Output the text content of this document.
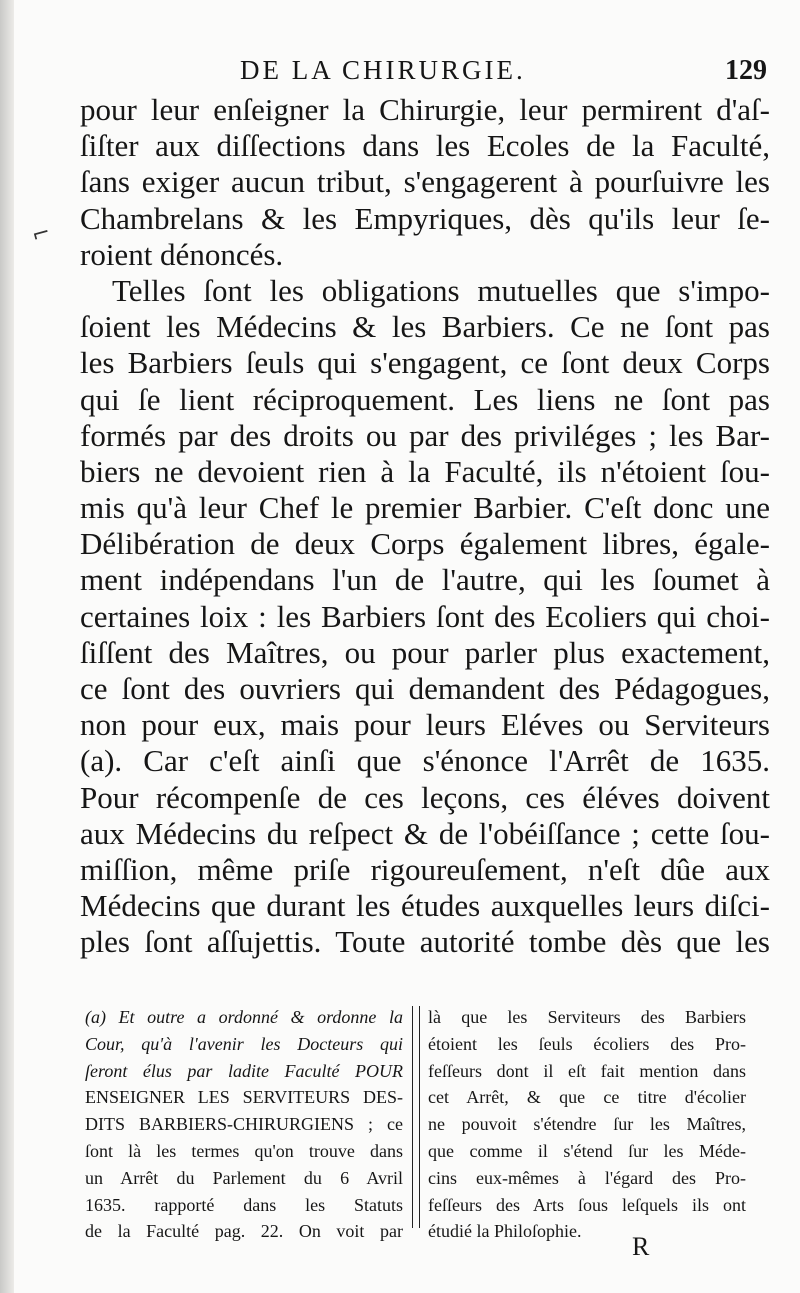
DE LA CHIRURGIE.	129
⌐
pour leur enſeigner la Chirurgie, leur permirent d'aſ-
ſiſter aux diſſections dans les Ecoles de la Faculté,
ſans exiger aucun tribut, s'engagerent à pourſuivre les
Chambrelans & les Empyriques, dès qu'ils leur ſe-
roient dénoncés.
Telles ſont les obligations mutuelles que s'impo-
ſoient les Médecins & les Barbiers. Ce ne ſont pas
les Barbiers ſeuls qui s'engagent, ce ſont deux Corps
qui ſe lient réciproquement. Les liens ne ſont pas
formés par des droits ou par des priviléges ; les Bar-
biers ne devoient rien à la Faculté, ils n'étoient ſou-
mis qu'à leur Chef le premier Barbier. C'eſt donc une
Délibération de deux Corps également libres, égale-
ment indépendans l'un de l'autre, qui les ſoumet à
certaines loix : les Barbiers ſont des Ecoliers qui choi-
ſiſſent des Maîtres, ou pour parler plus exactement,
ce ſont des ouvriers qui demandent des Pédagogues,
non pour eux, mais pour leurs Eléves ou Serviteurs
(a). Car c'eſt ainſi que s'énonce l'Arrêt de 1635.
Pour récompenſe de ces leçons, ces éléves doivent
aux Médecins du reſpect & de l'obéiſſance ; cette ſou-
miſſion, même priſe rigoureuſement, n'eſt dûe aux
Médecins que durant les études auxquelles leurs diſci-
ples ſont aſſujettis. Toute autorité tombe dès que les
(a) Et outre a ordonné & ordonne la
Cour, qu'à l'avenir les Docteurs qui
ſeront élus par ladite Faculté POUR
ENSEIGNER LES SERVITEURS DES-
DITS BARBIERS-CHIRURGIENS ; ce
ſont là les termes qu'on trouve dans
un Arrêt du Parlement du 6 Avril
1635. rapporté dans les Statuts
de la Faculté pag. 22. On voit par
là que les Serviteurs des Barbiers
étoient les ſeuls écoliers des Pro-
feſſeurs dont il eſt fait mention dans
cet Arrêt, & que ce titre d'écolier
ne pouvoit s'étendre ſur les Maîtres,
que comme il s'étend ſur les Méde-
cins eux-mêmes à l'égard des Pro-
feſſeurs des Arts ſous leſquels ils ont
étudié la Philoſophie.
R
